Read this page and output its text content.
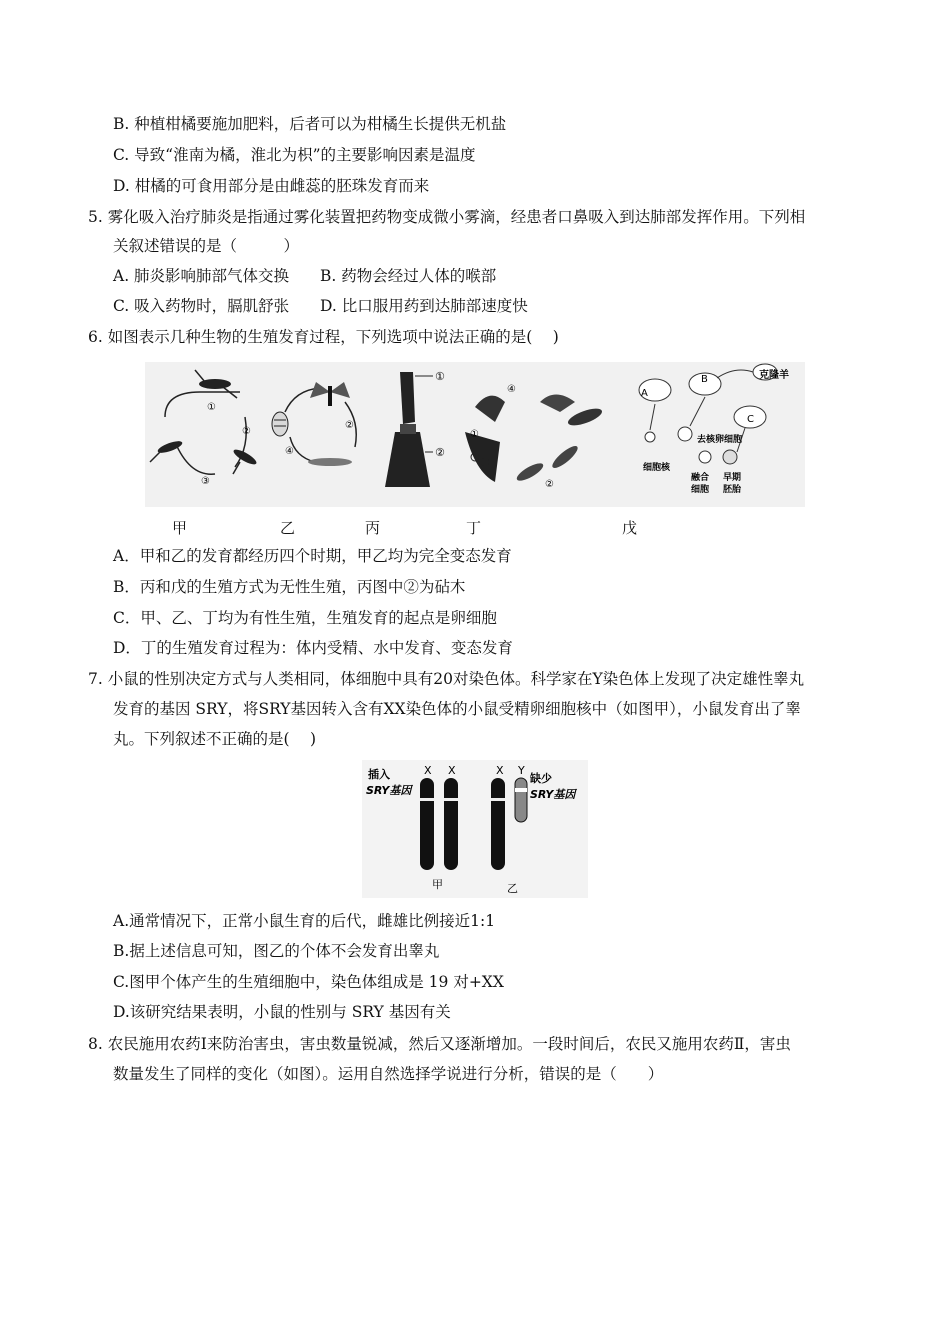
B. 种植柑橘要施加肥料，后者可以为柑橘生长提供无机盐
C. 导致“淮南为橘，淮北为枳”的主要影响因素是温度
D. 柑橘的可食用部分是由雌蕊的胚珠发育而来
5. 雾化吸入治疗肺炎是指通过雾化装置把药物变成微小雾滴，经患者口鼻吸入到达肺部发挥作用。下列相
关叙述错误的是（　　　）
A. 肺炎影响肺部气体交换 B. 药物会经过人体的喉部
C. 吸入药物时，膈肌舒张 D. 比口服用药到达肺部速度快
6. 如图表示几种生物的生殖发育过程，下列选项中说法正确的是(　 )
①
②
③
②
④
①
②
④
①
②
A
B
C
克隆羊
去核卵细胞
细胞核
融合
细胞
早期
胚胎
甲	乙	丙	丁	戊
A．甲和乙的发育都经历四个时期，甲乙均为完全变态发育
B．丙和戊的生殖方式为无性生殖，丙图中②为砧木
C．甲、乙、丁均为有性生殖，生殖发育的起点是卵细胞
D．丁的生殖发育过程为：体内受精、水中发育、变态发育
7. 小鼠的性别决定方式与人类相同，体细胞中具有20对染色体。科学家在Y染色体上发现了决定雄性睾丸
发育的基因 SRY，将SRY基因转入含有XX染色体的小鼠受精卵细胞核中（如图甲），小鼠发育出了睾
丸。下列叙述不正确的是(　 )
插入
SRY基因
X X	X Y
缺少
SRY基因
甲	乙
A.通常情况下，正常小鼠生育的后代，雌雄比例接近1:1
B.据上述信息可知，图乙的个体不会发育出睾丸
C.图甲个体产生的生殖细胞中，染色体组成是 19 对+XX
D.该研究结果表明，小鼠的性别与 SRY 基因有关
8. 农民施用农药Ⅰ来防治害虫，害虫数量锐减，然后又逐渐增加。一段时间后，农民又施用农药Ⅱ，害虫
数量发生了同样的变化（如图）。运用自然选择学说进行分析，错误的是（　　）
